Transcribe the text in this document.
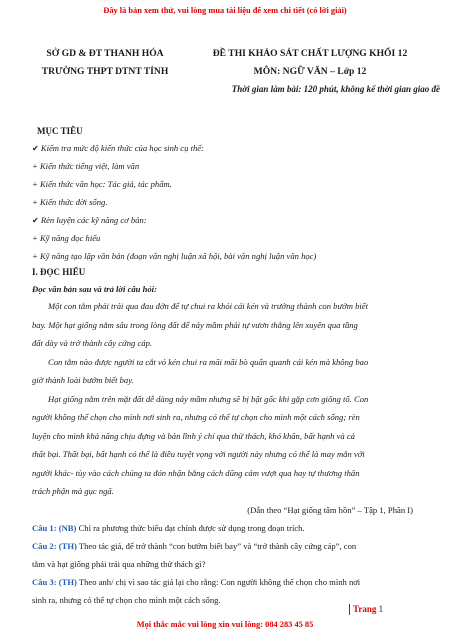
Đây là bản xem thử, vui lòng mua tài liệu để xem chi tiết (có lời giải)
SỞ GD & ĐT THANH HÓA
TRƯỜNG THPT DTNT TỈNH
ĐỀ THI KHẢO SÁT CHẤT LƯỢNG KHỐI 12
MÔN: NGỮ VĂN – Lớp 12
Thời gian làm bài: 120 phút, không kể thời gian giao đề
MỤC TIÊU
✔ Kiểm tra mức độ kiến thức của học sinh cụ thể:
+ Kiến thức tiếng việt, làm văn
+ Kiến thức văn học: Tác giả, tác phẩm.
+ Kiến thức đời sống.
✔ Rèn luyện các kỹ năng cơ bản:
+ Kỹ năng đọc hiểu
+ Kỹ năng tạo lập văn bản (đoạn văn nghị luận xã hội, bài văn nghị luận văn học)
I. ĐỌC HIỂU
Đọc văn bản sau và trả lời câu hỏi:
Một con tằm phải trải qua đau đớn để tự chui ra khỏi cái kén và trưởng thành con bướm biết
bay. Một hạt giống nằm sâu trong lòng đất để nảy mầm phải tự vươn thẳng lên xuyên qua tầng
đất dày và trở thành cây cứng cáp.
Con tằm nào được người ta cắt vỏ kén chui ra mãi mãi bò quẩn quanh cái kén mà không bao
giờ thành loài bướm biết bay.
Hạt giống nằm trên mặt đất dễ dàng nảy mầm nhưng sẽ bị bật gốc khi gặp cơn giông tố. Con
người không thể chọn cho mình nơi sinh ra, nhưng có thể tự chọn cho mình một cách sống; rèn
luyện cho mình khả năng chịu đựng và bản lĩnh ý chí qua thử thách, khó khăn, bất hạnh và cả
thất bại. Thất bại, bất hạnh có thể là điều tuyệt vọng với người này nhưng có thể là may mắn với
người khác- tùy vào cách chúng ta đón nhận bằng cách dũng cảm vượt qua hay tự thương thân
trách phận mà gục ngã.
(Dẫn theo “Hạt giống tâm hồn” – Tập 1, Phần I)
Câu 1: (NB) Chỉ ra phương thức biểu đạt chính được sử dụng trong đoạn trích.
Câu 2: (TH) Theo tác giả, để trở thành “con bướm biết bay” và “trở thành cây cứng cáp”, con
tằm và hạt giống phải trải qua những thử thách gì?
Câu 3: (TH) Theo anh/ chị vì sao tác giả lại cho rằng: Con người không thể chọn cho mình nơi
sinh ra, nhưng có thể tự chọn cho mình một cách sống.
Trang 1
Mọi thắc mắc vui lòng xin vui lòng: 084 283 45 85
